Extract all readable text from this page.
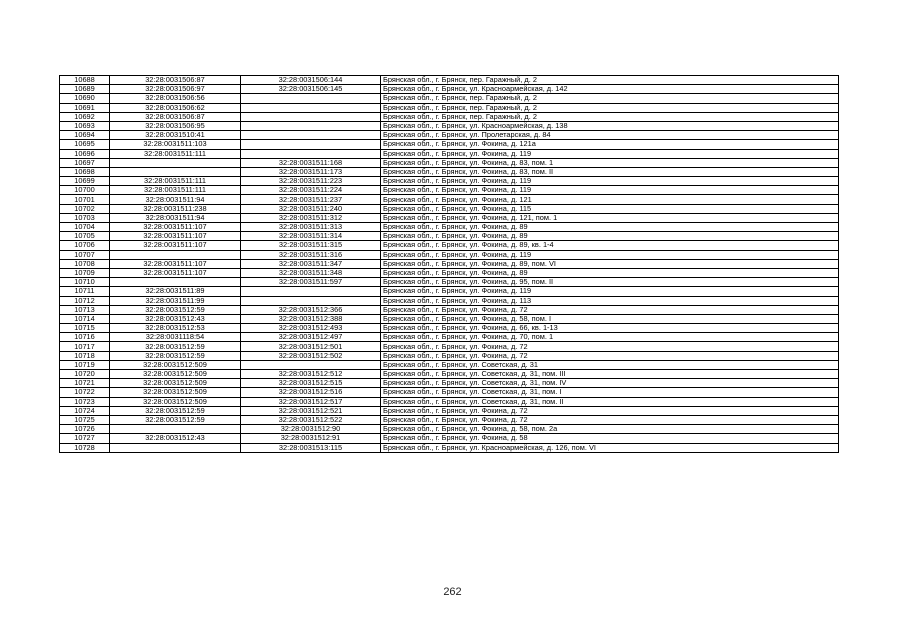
10688	32:28:0031506:87	32:28:0031506:144	Брянская обл., г. Брянск, пер. Гаражный, д. 2
10689	32:28:0031506:97	32:28:0031506:145	Брянская обл., г. Брянск, ул. Красноармейская, д. 142
10690	32:28:0031506:56		Брянская обл., г. Брянск, пер. Гаражный, д. 2
10691	32:28:0031506:62		Брянская обл., г. Брянск, пер. Гаражный, д. 2
10692	32:28:0031506:87		Брянская обл., г. Брянск, пер. Гаражный, д. 2
10693	32:28:0031506:95		Брянская обл., г. Брянск, ул. Красноармейская, д. 138
10694	32:28:0031510:41		Брянская обл., г. Брянск, ул. Пролетарская, д. 84
10695	32:28:0031511:103		Брянская обл., г. Брянск, ул. Фокина, д. 121а
10696	32:28:0031511:111		Брянская обл., г. Брянск, ул. Фокина, д. 119
10697		32:28:0031511:168	Брянская обл., г. Брянск, ул. Фокина, д. 83, пом. 1
10698		32:28:0031511:173	Брянская обл., г. Брянск, ул. Фокина, д. 83, пом. II
10699	32:28:0031511:111	32:28:0031511:223	Брянская обл., г. Брянск, ул. Фокина, д. 119
10700	32:28:0031511:111	32:28:0031511:224	Брянская обл., г. Брянск, ул. Фокина, д. 119
10701	32:28:0031511:94	32:28:0031511:237	Брянская обл., г. Брянск, ул. Фокина, д. 121
10702	32:28:0031511:238	32:28:0031511:240	Брянская обл., г. Брянск, ул. Фокина, д. 115
10703	32:28:0031511:94	32:28:0031511:312	Брянская обл., г. Брянск, ул. Фокина, д. 121, пом. 1
10704	32:28:0031511:107	32:28:0031511:313	Брянская обл., г. Брянск, ул. Фокина, д. 89
10705	32:28:0031511:107	32:28:0031511:314	Брянская обл., г. Брянск, ул. Фокина, д. 89
10706	32:28:0031511:107	32:28:0031511:315	Брянская обл., г. Брянск, ул. Фокина, д. 89, кв. 1-4
10707		32:28:0031511:316	Брянская обл., г. Брянск, ул. Фокина, д. 119
10708	32:28:0031511:107	32:28:0031511:347	Брянская обл., г. Брянск, ул. Фокина, д. 89, пом. VI
10709	32:28:0031511:107	32:28:0031511:348	Брянская обл., г. Брянск, ул. Фокина, д. 89
10710		32:28:0031511:597	Брянская обл., г. Брянск, ул. Фокина, д. 95, пом. II
10711	32:28:0031511:89		Брянская обл., г. Брянск, ул. Фокина, д. 119
10712	32:28:0031511:99		Брянская обл., г. Брянск, ул. Фокина, д. 113
10713	32:28:0031512:59	32:28:0031512:366	Брянская обл., г. Брянск, ул. Фокина, д. 72
10714	32:28:0031512:43	32:28:0031512:388	Брянская обл., г. Брянск, ул. Фокина, д. 58, пом. I
10715	32:28:0031512:53	32:28:0031512:493	Брянская обл., г. Брянск, ул. Фокина, д. 66, кв. 1-13
10716	32:28:0031118:54	32:28:0031512:497	Брянская обл., г. Брянск, ул. Фокина, д. 70, пом. 1
10717	32:28:0031512:59	32:28:0031512:501	Брянская обл., г. Брянск, ул. Фокина, д. 72
10718	32:28:0031512:59	32:28:0031512:502	Брянская обл., г. Брянск, ул. Фокина, д. 72
10719	32:28:0031512:509		Брянская обл., г. Брянск, ул. Советская, д. 31
10720	32:28:0031512:509	32:28:0031512:512	Брянская обл., г. Брянск, ул. Советская, д. 31, пом. III
10721	32:28:0031512:509	32:28:0031512:515	Брянская обл., г. Брянск, ул. Советская, д. 31, пом. IV
10722	32:28:0031512:509	32:28:0031512:516	Брянская обл., г. Брянск, ул. Советская, д. 31, пом. I
10723	32:28:0031512:509	32:28:0031512:517	Брянская обл., г. Брянск, ул. Советская, д. 31, пом. II
10724	32:28:0031512:59	32:28:0031512:521	Брянская обл., г. Брянск, ул. Фокина, д. 72
10725	32:28:0031512:59	32:28:0031512:522	Брянская обл., г. Брянск, ул. Фокина, д. 72
10726		32:28:0031512:90	Брянская обл., г. Брянск, ул. Фокина, д. 58, пом. 2а
10727	32:28:0031512:43	32:28:0031512:91	Брянская обл., г. Брянск, ул. Фокина, д. 58
10728		32:28:0031513:115	Брянская обл., г. Брянск, ул. Красноармейская, д. 126, пом. VI
262
